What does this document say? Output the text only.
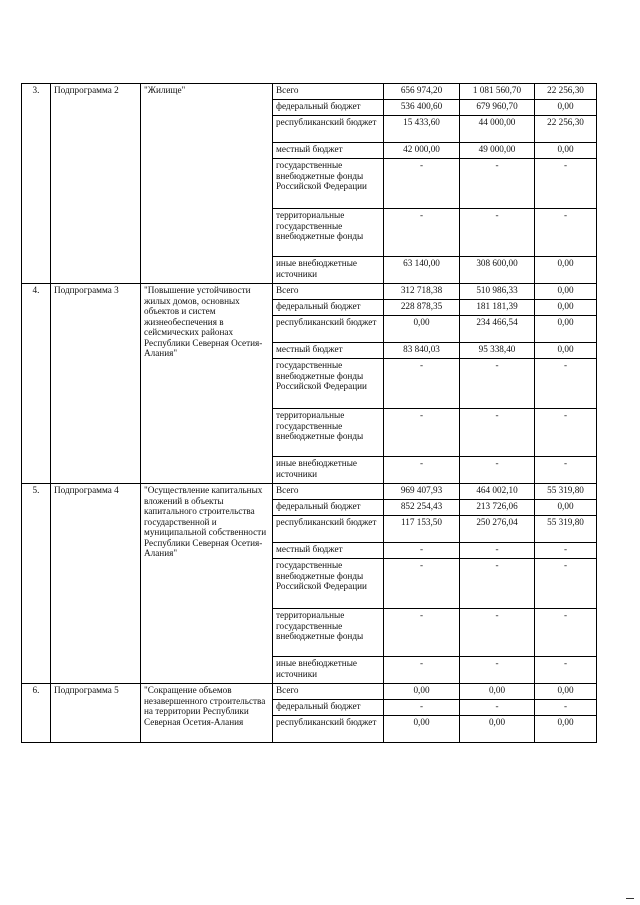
3.	Подпрограмма 2	"Жилище"	Всего	656 974,20	1 081 560,70	22 256,30
			федеральный бюджет	536 400,60	679 960,70	0,00
			республиканский бюджет	15 433,60	44 000,00	22 256,30
			местный бюджет	42 000,00	49 000,00	0,00
			государственные внебюджетные фонды Российской Федерации	-	-	-
			территориальные государственные внебюджетные фонды	-	-	-
			иные внебюджетные источники	63 140,00	308 600,00	0,00
4.	Подпрограмма 3	"Повышение устойчивости жилых домов, основных объектов и систем жизнеобеспечения в сейсмических районах Республики Северная Осетия-Алания"	Всего	312 718,38	510 986,33	0,00
			федеральный бюджет	228 878,35	181 181,39	0,00
			республиканский бюджет	0,00	234 466,54	0,00
			местный бюджет	83 840,03	95 338,40	0,00
			государственные внебюджетные фонды Российской Федерации	-	-	-
			территориальные государственные внебюджетные фонды	-	-	-
			иные внебюджетные источники	-	-	-
5.	Подпрограмма 4	"Осуществление капитальных вложений в объекты капитального строительства государственной и муниципальной собственности Республики Северная Осетия-Алания"	Всего	969 407,93	464 002,10	55 319,80
			федеральный бюджет	852 254,43	213 726,06	0,00
			республиканский бюджет	117 153,50	250 276,04	55 319,80
			местный бюджет	-	-	-
			государственные внебюджетные фонды Российской Федерации	-	-	-
			территориальные государственные внебюджетные фонды	-	-	-
			иные внебюджетные источники	-	-	-
6.	Подпрограмма 5	"Сокращение объемов незавершенного строительства на территории Республики Северная Осетия-Алания	Всего	0,00	0,00	0,00
			федеральный бюджет	-	-	-
			республиканский бюджет	0,00	0,00	0,00
